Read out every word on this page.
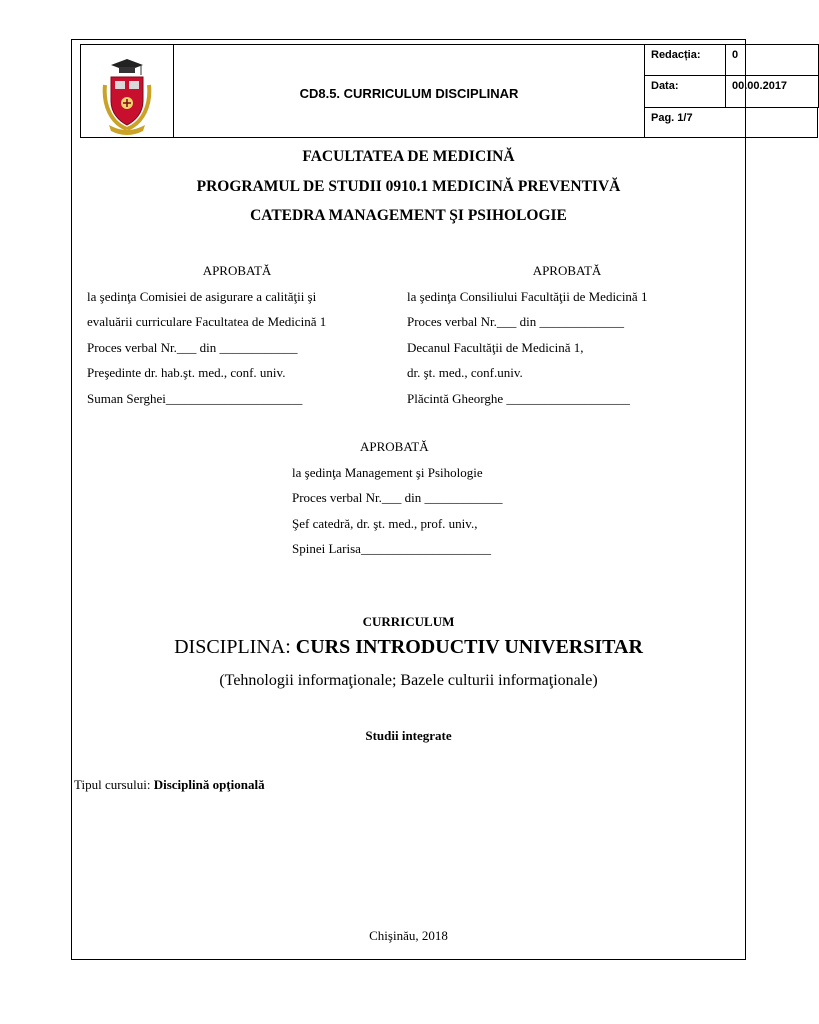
CD8.5. CURRICULUM DISCIPLINAR
Redacția:	0
Data:	00.00.2017
Pag. 1/7
FACULTATEA DE MEDICINĂ
PROGRAMUL DE STUDII 0910.1 MEDICINĂ PREVENTIVĂ
CATEDRA MANAGEMENT ŞI PSIHOLOGIE

APROBATĂ

la şedinţa Comisiei de asigurare a calităţii şi

evaluării curriculare Facultatea de Medicină 1

Proces verbal Nr.___ din ____________

Preşedinte dr. hab.şt. med., conf. univ.

Suman Serghei_____________________

APROBATĂ

la şedinţa Consiliului Facultăţii de Medicină 1

Proces verbal Nr.___ din _____________

Decanul Facultăţii de Medicină 1,

dr. şt. med., conf.univ.

Plăcintă Gheorghe ___________________

APROBATĂ

la şedinţa Management şi Psihologie

Proces verbal Nr.___ din ____________

Şef catedră, dr. şt. med., prof. univ.,

Spinei Larisa____________________

CURRICULUM
DISCIPLINA: CURS INTRODUCTIV UNIVERSITAR
(Tehnologii informaţionale; Bazele culturii informaţionale)
Studii integrate
Tipul cursului: Disciplină opţională
Chişinău, 2018
